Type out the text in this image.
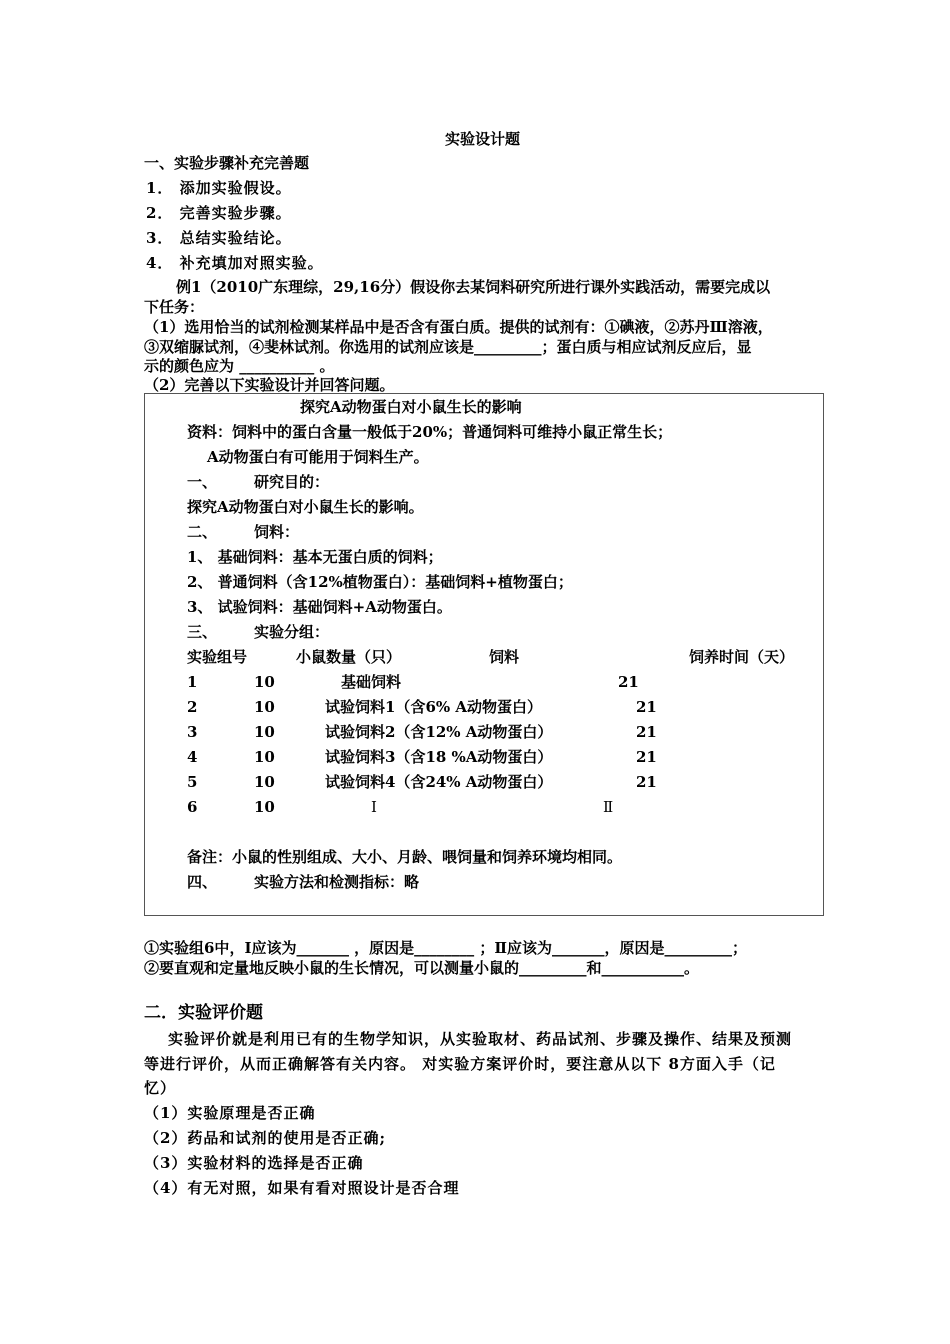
实验设计题
一、实验步骤补充完善题
1． 添加实验假设。
2． 完善实验步骤。
3． 总结实验结论。
4． 补充填加对照实验。
例1（2010广东理综，29,16分）假设你去某饲料研究所进行课外实践活动，需要完成以
下任务：
（1）选用恰当的试剂检测某样品中是否含有蛋白质。提供的试剂有：①碘液，②苏丹Ⅲ溶液，
③双缩脲试剂，④斐林试剂。你选用的试剂应该是_________；蛋白质与相应试剂反应后，显
示的颜色应为 __________ 。
（2）完善以下实验设计并回答问题。
探究A动物蛋白对小鼠生长的影响
资料：饲料中的蛋白含量一般低于20%；普通饲料可维持小鼠正常生长；
A动物蛋白有可能用于饲料生产。
一、 研究目的：
探究A动物蛋白对小鼠生长的影响。
二、 饲料：
1、 基础饲料：基本无蛋白质的饲料；
2、 普通饲料（含12%植物蛋白）：基础饲料+植物蛋白；
3、 试验饲料：基础饲料+A动物蛋白。
三、 实验分组：
实验组号	小鼠数量（只）	饲料	饲养时间（天）
1	10	基础饲料	21
2	10	试验饲料1（含6% A动物蛋白）	21
3	10	试验饲料2（含12% A动物蛋白）	21
4	10	试验饲料3（含18 %A动物蛋白）	21
5	10	试验饲料4（含24% A动物蛋白）	21
6	10	Ⅰ	Ⅱ
备注：小鼠的性别组成、大小、月龄、喂饲量和饲养环境均相同。
四、 实验方法和检测指标：略
①实验组6中，Ⅰ应该为_______ ，原因是________ ；Ⅱ应该为_______，原因是_________；
②要直观和定量地反映小鼠的生长情况，可以测量小鼠的_________和___________。
二．实验评价题
实验评价就是利用已有的生物学知识，从实验取材、药品试剂、步骤及操作、结果及预测
等进行评价，从而正确解答有关内容。 对实验方案评价时，要注意从以下 8方面入手（记
忆）
（1）实验原理是否正确
（2）药品和试剂的使用是否正确;
（3）实验材料的选择是否正确
（4）有无对照，如果有看对照设计是否合理
